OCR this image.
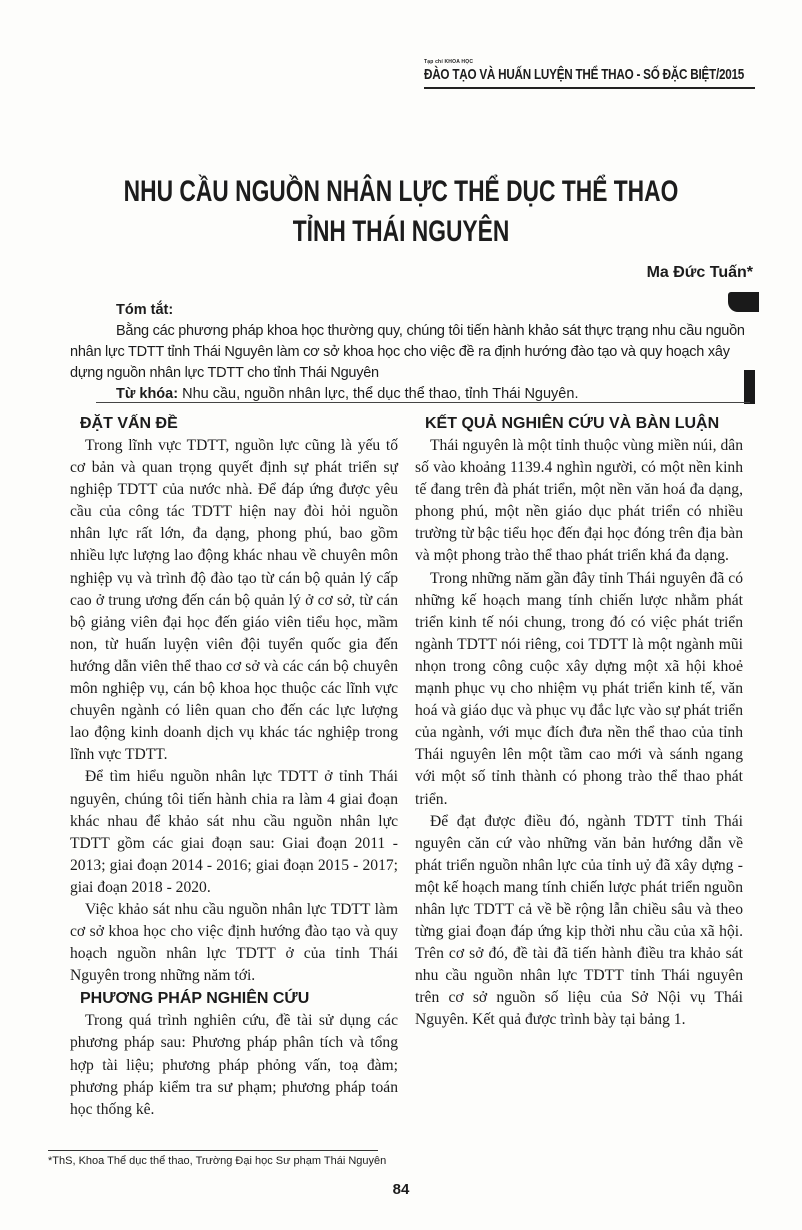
Tạp chí KHOA HỌC
ĐÀO TẠO VÀ HUẤN LUYỆN THỂ THAO - SỐ ĐẶC BIỆT/2015
NHU CẦU NGUỒN NHÂN LỰC THỂ DỤC THỂ THAO
TỈNH THÁI NGUYÊN
Ma Đức Tuấn*
Tóm tắt:

Bằng các phương pháp khoa học thường quy, chúng tôi tiến hành khảo sát thực trạng nhu cầu nguồn nhân lực TDTT tỉnh Thái Nguyên làm cơ sở khoa học cho việc đề ra định hướng đào tạo và quy hoạch xây dựng nguồn nhân lực TDTT cho tỉnh Thái Nguyên

Từ khóa: Nhu cầu, nguồn nhân lực, thể dục thể thao, tỉnh Thái Nguyên.

ĐẶT VẤN ĐỀ

Trong lĩnh vực TDTT, nguồn lực cũng là yếu tố cơ bản và quan trọng quyết định sự phát triển sự nghiệp TDTT của nước nhà. Để đáp ứng được yêu cầu của công tác TDTT hiện nay đòi hỏi nguồn nhân lực rất lớn, đa dạng, phong phú, bao gồm nhiều lực lượng lao động khác nhau về chuyên môn nghiệp vụ và trình độ đào tạo từ cán bộ quản lý cấp cao ở trung ương đến cán bộ quản lý ở cơ sở, từ cán bộ giảng viên đại học đến giáo viên tiểu học, mầm non, từ huấn luyện viên đội tuyển quốc gia đến hướng dẫn viên thể thao cơ sở và các cán bộ chuyên môn nghiệp vụ, cán bộ khoa học thuộc các lĩnh vực chuyên ngành có liên quan cho đến các lực lượng lao động kinh doanh dịch vụ khác tác nghiệp trong lĩnh vực TDTT.

Để tìm hiểu nguồn nhân lực TDTT ở tỉnh Thái nguyên, chúng tôi tiến hành chia ra làm 4 giai đoạn khác nhau để khảo sát nhu cầu nguồn nhân lực TDTT gồm các giai đoạn sau: Giai đoạn 2011 - 2013; giai đoạn 2014 - 2016; giai đoạn 2015 - 2017; giai đoạn 2018 - 2020.

Việc khảo sát nhu cầu nguồn nhân lực TDTT làm cơ sở khoa học cho việc định hướng đào tạo và quy hoạch nguồn nhân lực TDTT ở của tỉnh Thái Nguyên trong những năm tới.

PHƯƠNG PHÁP NGHIÊN CỨU

Trong quá trình nghiên cứu, đề tài sử dụng các phương pháp sau: Phương pháp phân tích và tổng hợp tài liệu; phương pháp phỏng vấn, toạ đàm; phương pháp kiểm tra sư phạm; phương pháp toán học thống kê.

KẾT QUẢ NGHIÊN CỨU VÀ BÀN LUẬN

Thái nguyên là một tỉnh thuộc vùng miền núi, dân số vào khoảng 1139.4 nghìn người, có một nền kinh tế đang trên đà phát triển, một nền văn hoá đa dạng, phong phú, một nền giáo dục phát triển có nhiều trường từ bậc tiểu học đến đại học đóng trên địa bàn và một phong trào thể thao phát triển khá đa dạng.

Trong những năm gần đây tỉnh Thái nguyên đã có những kế hoạch mang tính chiến lược nhằm phát triển kinh tế nói chung, trong đó có việc phát triển ngành TDTT nói riêng, coi TDTT là một ngành mũi nhọn trong công cuộc xây dựng một xã hội khoẻ mạnh phục vụ cho nhiệm vụ phát triển kinh tế, văn hoá và giáo dục và phục vụ đắc lực vào sự phát triển của ngành, với mục đích đưa nền thể thao của tỉnh Thái nguyên lên một tầm cao mới và sánh ngang với một số tỉnh thành có phong trào thể thao phát triển.

Để đạt được điều đó, ngành TDTT tỉnh Thái nguyên căn cứ vào những văn bản hướng dẫn về phát triển nguồn nhân lực của tỉnh uỷ đã xây dựng - một kế hoạch mang tính chiến lược phát triển nguồn nhân lực TDTT cả về bề rộng lẫn chiều sâu và theo từng giai đoạn đáp ứng kịp thời nhu cầu của xã hội. Trên cơ sở đó, đề tài đã tiến hành điều tra khảo sát nhu cầu nguồn nhân lực TDTT tỉnh Thái nguyên trên cơ sở nguồn số liệu của Sở Nội vụ Thái Nguyên. Kết quả được trình bày tại bảng 1.

*ThS, Khoa Thể dục thể thao, Trường Đại học Sư phạm Thái Nguyên
84
